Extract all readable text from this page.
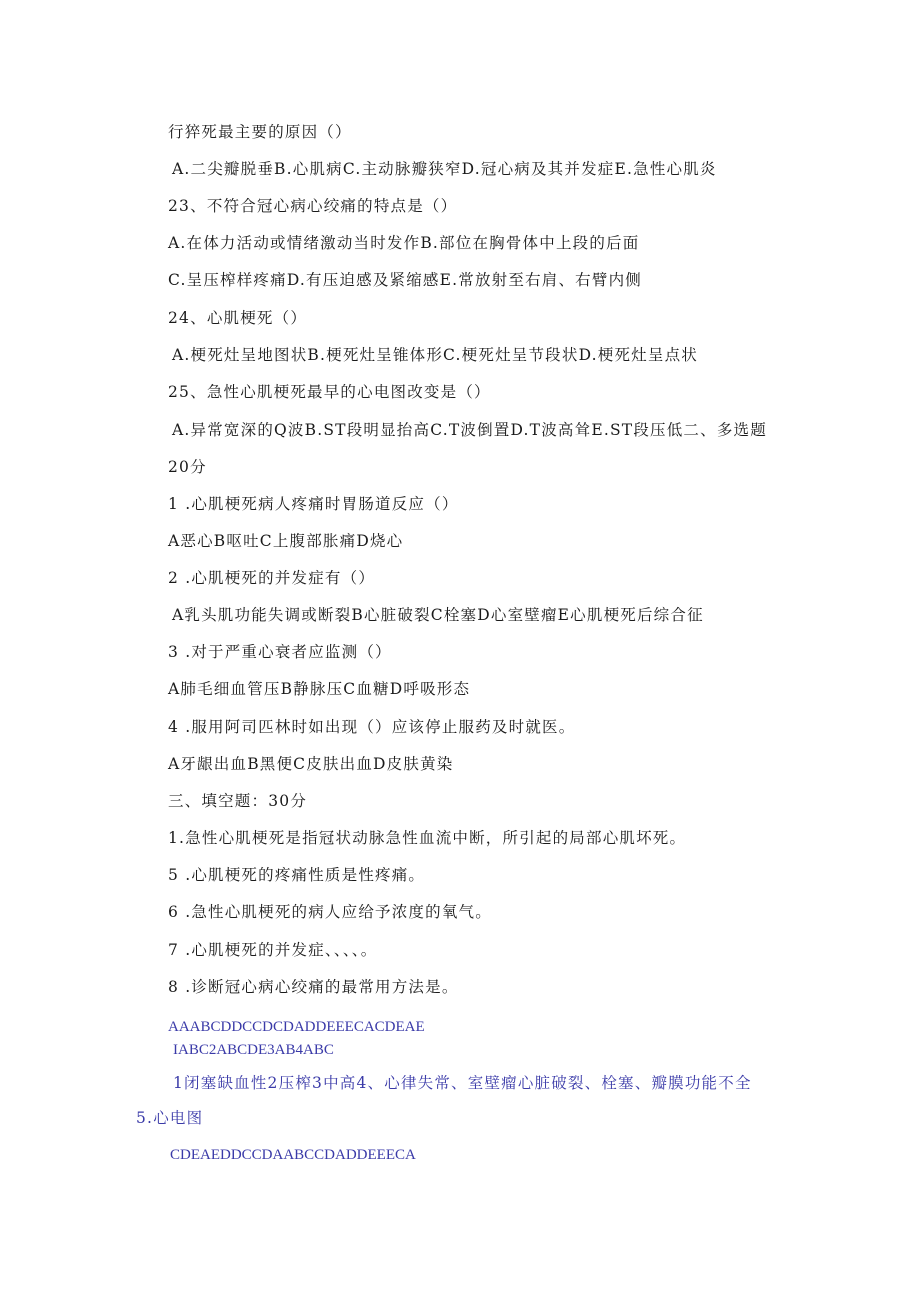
行猝死最主要的原因（）
A.二尖瓣脱垂B.心肌病C.主动脉瓣狭窄D.冠心病及其并发症E.急性心肌炎
23、不符合冠心病心绞痛的特点是（）
A.在体力活动或情绪激动当时发作B.部位在胸骨体中上段的后面
C.呈压榨样疼痛D.有压迫感及紧缩感E.常放射至右肩、右臂内侧
24、心肌梗死（）
A.梗死灶呈地图状B.梗死灶呈锥体形C.梗死灶呈节段状D.梗死灶呈点状
25、急性心肌梗死最早的心电图改变是（）
A.异常宽深的Q波B.ST段明显抬高C.T波倒置D.T波高耸E.ST段压低二、多选题
20分
1 .心肌梗死病人疼痛时胃肠道反应（）
A恶心B呕吐C上腹部胀痛D烧心
2 .心肌梗死的并发症有（）
A乳头肌功能失调或断裂B心脏破裂C栓塞D心室壁瘤E心肌梗死后综合征
3 .对于严重心衰者应监测（）
A肺毛细血管压B静脉压C血糖D呼吸形态
4 .服用阿司匹林时如出现（）应该停止服药及时就医。
A牙龈出血B黑便C皮肤出血D皮肤黄染
三、填空题：30分
1.急性心肌梗死是指冠状动脉急性血流中断，所引起的局部心肌坏死。
5 .心肌梗死的疼痛性质是性疼痛。
6 .急性心肌梗死的病人应给予浓度的氧气。
7 .心肌梗死的并发症、、、、。
8 .诊断冠心病心绞痛的最常用方法是。
AAABCDDCCDCDADDEEECACDEAE
IABC2ABCDE3AB4ABC
1闭塞缺血性2压榨3中高4、心律失常、室壁瘤心脏破裂、栓塞、瓣膜功能不全
5.心电图
CDEAEDDCCDAABCCDADDEEECA
